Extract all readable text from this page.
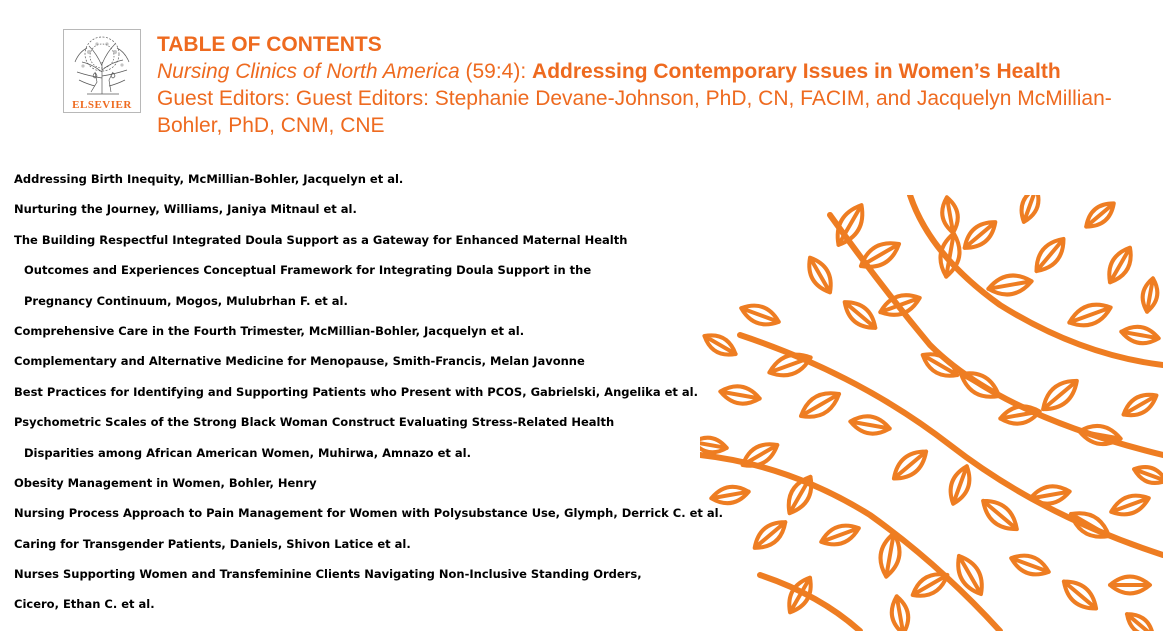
ELSEVIER
TABLE OF CONTENTS
Nursing Clinics of North America (59:4): Addressing Contemporary Issues in Women’s Health
Guest Editors: Guest Editors: Stephanie Devane-Johnson, PhD, CN, FACIM, and Jacquelyn McMillian-Bohler, PhD, CNM, CNE
Addressing Birth Inequity, McMillian-Bohler, Jacquelyn et al.
Nurturing the Journey, Williams, Janiya Mitnaul et al.
The Building Respectful Integrated Doula Support as a Gateway for Enhanced Maternal Health
Outcomes and Experiences Conceptual Framework for Integrating Doula Support in the
Pregnancy Continuum, Mogos, Mulubrhan F. et al.
Comprehensive Care in the Fourth Trimester, McMillian-Bohler, Jacquelyn et al.
Complementary and Alternative Medicine for Menopause, Smith-Francis, Melan Javonne
Best Practices for Identifying and Supporting Patients who Present with PCOS, Gabrielski, Angelika et al.
Psychometric Scales of the Strong Black Woman Construct Evaluating Stress-Related Health
Disparities among African American Women, Muhirwa, Amnazo et al.
Obesity Management in Women, Bohler, Henry
Nursing Process Approach to Pain Management for Women with Polysubstance Use, Glymph, Derrick C. et al.
Caring for Transgender Patients, Daniels, Shivon Latice et al.
Nurses Supporting Women and Transfeminine Clients Navigating Non-Inclusive Standing Orders,
Cicero, Ethan C. et al.
